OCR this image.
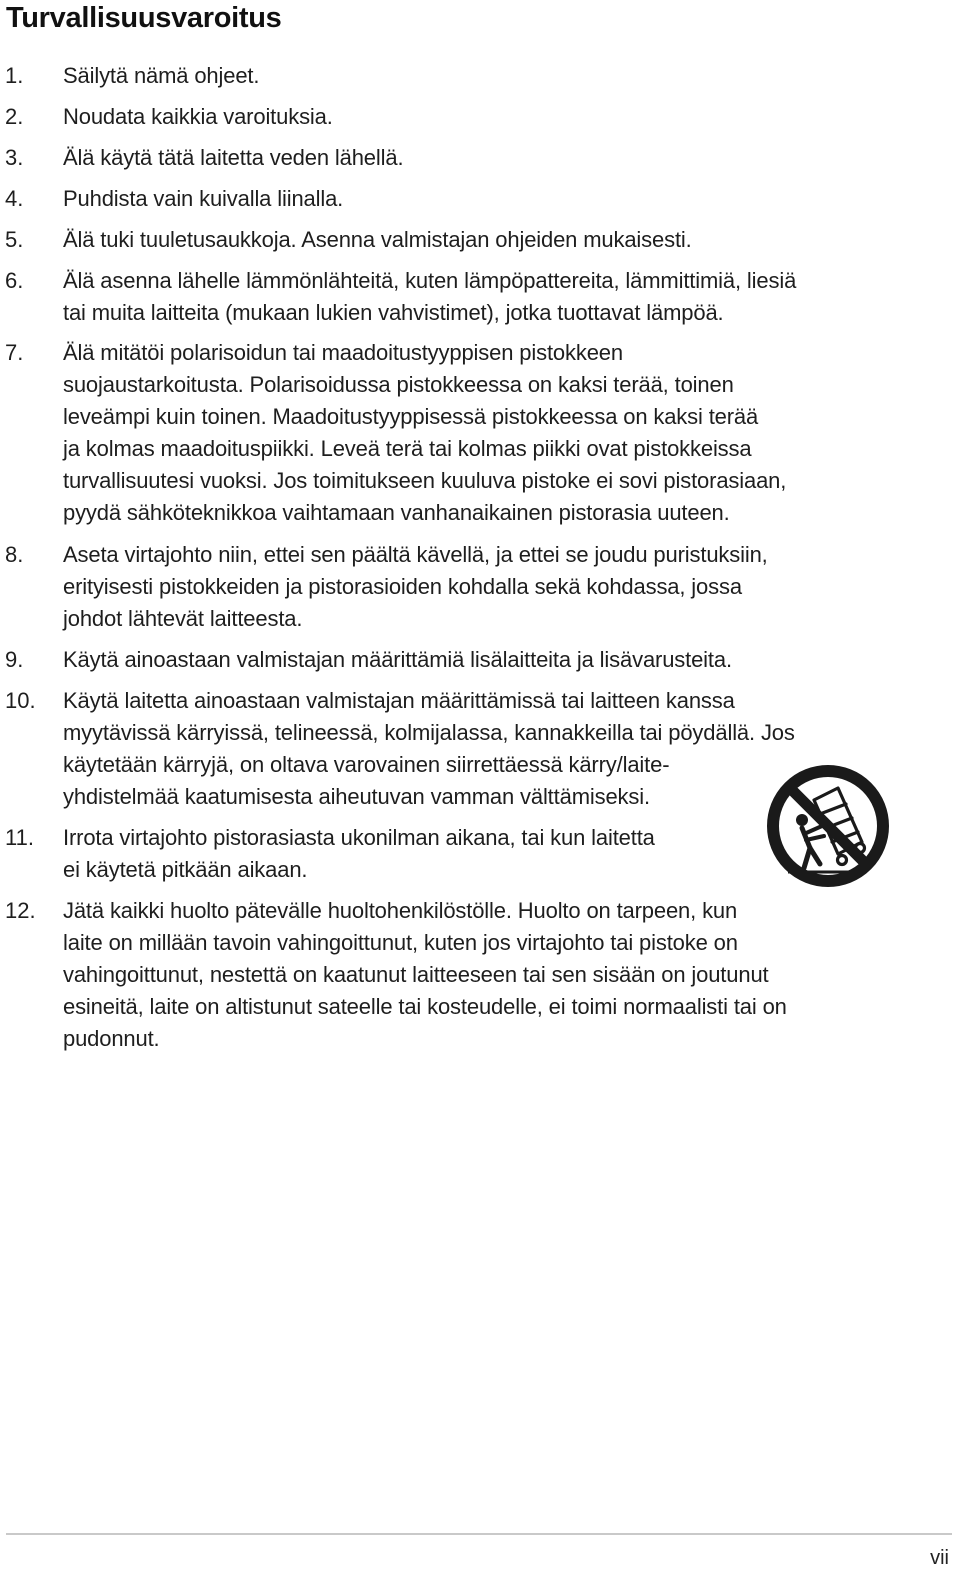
Turvallisuusvaroitus
1. Säilytä nämä ohjeet.
2. Noudata kaikkia varoituksia.
3. Älä käytä tätä laitetta veden lähellä.
4. Puhdista vain kuivalla liinalla.
5. Älä tuki tuuletusaukkoja. Asenna valmistajan ohjeiden mukaisesti.
6. Älä asenna lähelle lämmönlähteitä, kuten lämpöpattereita, lämmittimiä, liesiä
tai muita laitteita (mukaan lukien vahvistimet), jotka tuottavat lämpöä.
7. Älä mitätöi polarisoidun tai maadoitustyyppisen pistokkeen
suojaustarkoitusta. Polarisoidussa pistokkeessa on kaksi terää, toinen
leveämpi kuin toinen. Maadoitustyyppisessä pistokkeessa on kaksi terää
ja kolmas maadoituspiikki. Leveä terä tai kolmas piikki ovat pistokkeissa
turvallisuutesi vuoksi. Jos toimitukseen kuuluva pistoke ei sovi pistorasiaan,
pyydä sähköteknikkoa vaihtamaan vanhanaikainen pistorasia uuteen.
8. Aseta virtajohto niin, ettei sen päältä kävellä, ja ettei se joudu puristuksiin,
erityisesti pistokkeiden ja pistorasioiden kohdalla sekä kohdassa, jossa
johdot lähtevät laitteesta.
9. Käytä ainoastaan valmistajan määrittämiä lisälaitteita ja lisävarusteita.
10. Käytä laitetta ainoastaan valmistajan määrittämissä tai laitteen kanssa
myytävissä kärryissä, telineessä, kolmijalassa, kannakkeilla tai pöydällä. Jos
käytetään kärryjä, on oltava varovainen siirrettäessä kärry/laite-
yhdistelmää kaatumisesta aiheutuvan vamman välttämiseksi.
11. Irrota virtajohto pistorasiasta ukonilman aikana, tai kun laitetta
ei käytetä pitkään aikaan.
12. Jätä kaikki huolto pätevälle huoltohenkilöstölle. Huolto on tarpeen, kun
laite on millään tavoin vahingoittunut, kuten jos virtajohto tai pistoke on
vahingoittunut, nestettä on kaatunut laitteeseen tai sen sisään on joutunut
esineitä, laite on altistunut sateelle tai kosteudelle, ei toimi normaalisti tai on
pudonnut.
vii
